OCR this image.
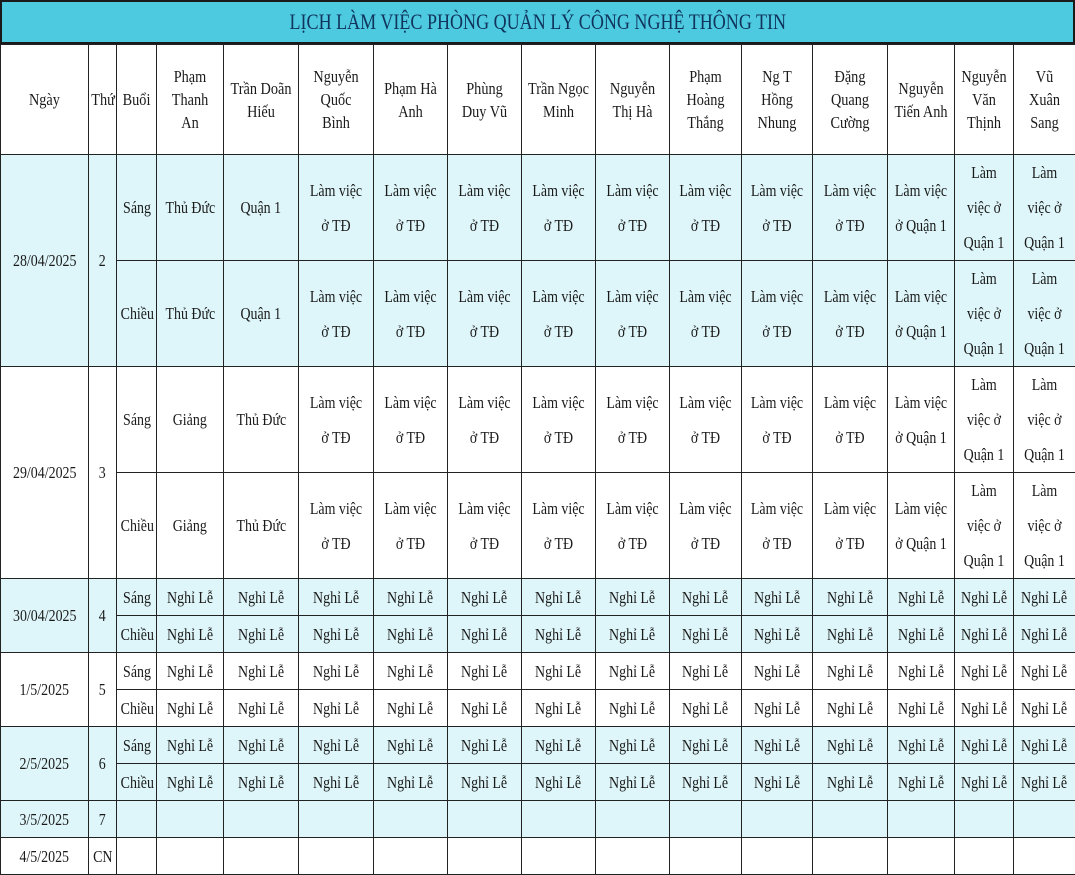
LỊCH LÀM VIỆC PHÒNG QUẢN LÝ CÔNG NGHỆ THÔNG TIN
Ngày	Thứ	Buổi	Phạm Thanh An	Trần Doãn Hiếu	Nguyễn Quốc Bình	Phạm Hà Anh	Phùng Duy Vũ	Trần Ngọc Minh	Nguyễn Thị Hà	Phạm Hoàng Thắng	Ng T Hồng Nhung	Đặng Quang Cường	Nguyễn Tiến Anh	Nguyễn Văn Thịnh	Vũ Xuân Sang
28/04/2025	2	Sáng	Thủ Đức	Quận 1	Làm việc ở TĐ	Làm việc ở TĐ	Làm việc ở TĐ	Làm việc ở TĐ	Làm việc ở TĐ	Làm việc ở TĐ	Làm việc ở TĐ	Làm việc ở TĐ	Làm việc ở Quận 1	Làm việc ở Quận 1	Làm việc ở Quận 1

		Chiều	Thủ Đức	Quận 1	Làm việc ở TĐ	Làm việc ở TĐ	Làm việc ở TĐ	Làm việc ở TĐ	Làm việc ở TĐ	Làm việc ở TĐ	Làm việc ở TĐ	Làm việc ở TĐ	Làm việc ở Quận 1	Làm việc ở Quận 1	Làm việc ở Quận 1

29/04/2025	3	Sáng	Giảng	Thủ Đức	Làm việc ở TĐ	Làm việc ở TĐ	Làm việc ở TĐ	Làm việc ở TĐ	Làm việc ở TĐ	Làm việc ở TĐ	Làm việc ở TĐ	Làm việc ở TĐ	Làm việc ở Quận 1	Làm việc ở Quận 1	Làm việc ở Quận 1

		Chiều	Giảng	Thủ Đức	Làm việc ở TĐ	Làm việc ở TĐ	Làm việc ở TĐ	Làm việc ở TĐ	Làm việc ở TĐ	Làm việc ở TĐ	Làm việc ở TĐ	Làm việc ở TĐ	Làm việc ở Quận 1	Làm việc ở Quận 1	Làm việc ở Quận 1

30/04/2025	4	Sáng	Nghỉ Lễ	Nghỉ Lễ	Nghỉ Lễ	Nghỉ Lễ	Nghỉ Lễ	Nghỉ Lễ	Nghỉ Lễ	Nghỉ Lễ	Nghỉ Lễ	Nghỉ Lễ	Nghỉ Lễ	Nghỉ Lễ	Nghỉ Lễ
		Chiều	Nghỉ Lễ	Nghỉ Lễ	Nghỉ Lễ	Nghỉ Lễ	Nghỉ Lễ	Nghỉ Lễ	Nghỉ Lễ	Nghỉ Lễ	Nghỉ Lễ	Nghỉ Lễ	Nghỉ Lễ	Nghỉ Lễ	Nghỉ Lễ
1/5/2025	5	Sáng	Nghỉ Lễ	Nghỉ Lễ	Nghỉ Lễ	Nghỉ Lễ	Nghỉ Lễ	Nghỉ Lễ	Nghỉ Lễ	Nghỉ Lễ	Nghỉ Lễ	Nghỉ Lễ	Nghỉ Lễ	Nghỉ Lễ	Nghỉ Lễ
		Chiều	Nghỉ Lễ	Nghỉ Lễ	Nghỉ Lễ	Nghỉ Lễ	Nghỉ Lễ	Nghỉ Lễ	Nghỉ Lễ	Nghỉ Lễ	Nghỉ Lễ	Nghỉ Lễ	Nghỉ Lễ	Nghỉ Lễ	Nghỉ Lễ
2/5/2025	6	Sáng	Nghỉ Lễ	Nghỉ Lễ	Nghỉ Lễ	Nghỉ Lễ	Nghỉ Lễ	Nghỉ Lễ	Nghỉ Lễ	Nghỉ Lễ	Nghỉ Lễ	Nghỉ Lễ	Nghỉ Lễ	Nghỉ Lễ	Nghỉ Lễ
		Chiều	Nghỉ Lễ	Nghỉ Lễ	Nghỉ Lễ	Nghỉ Lễ	Nghỉ Lễ	Nghỉ Lễ	Nghỉ Lễ	Nghỉ Lễ	Nghỉ Lễ	Nghỉ Lễ	Nghỉ Lễ	Nghỉ Lễ	Nghỉ Lễ
3/5/2025	7														
4/5/2025	CN														
